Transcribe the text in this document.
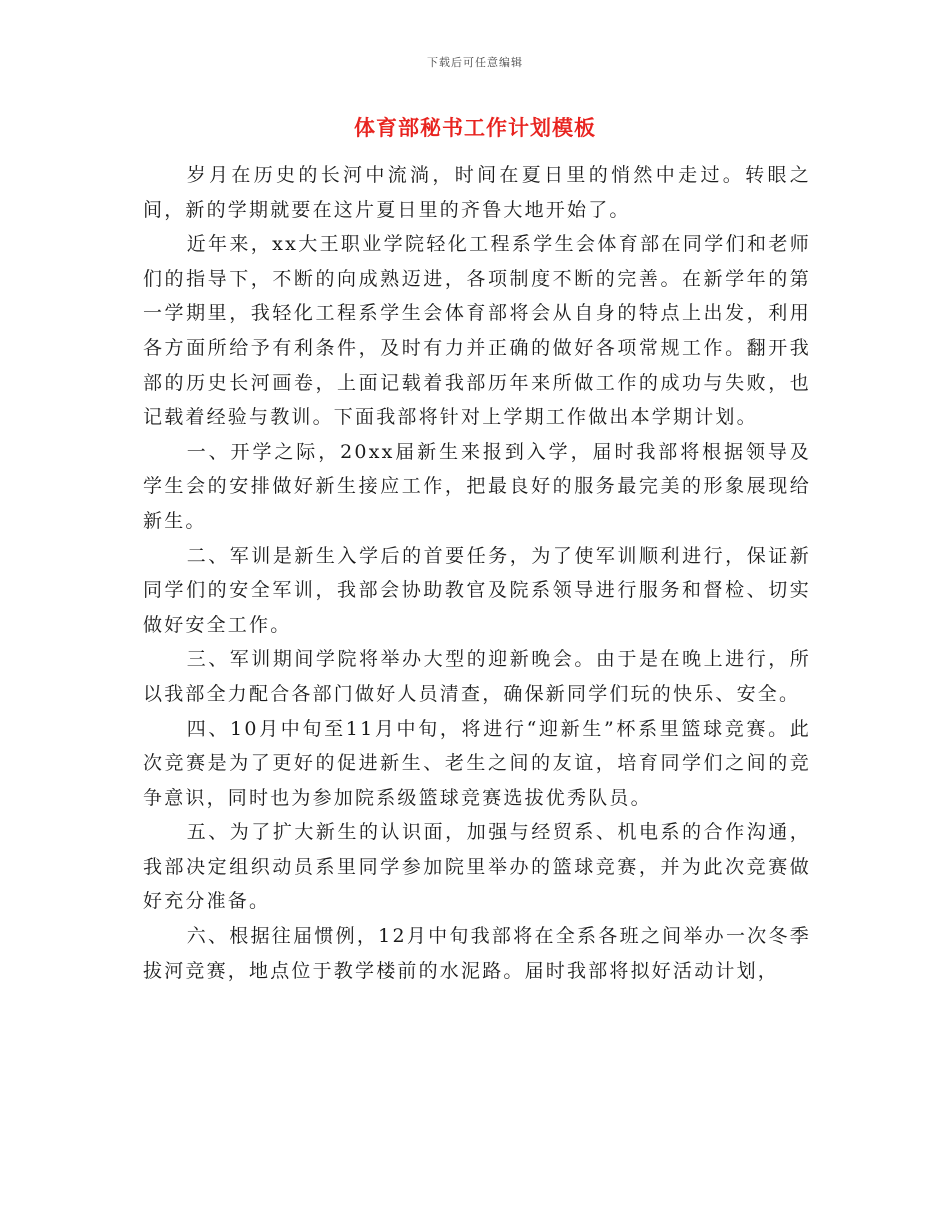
下载后可任意编辑
体育部秘书工作计划模板

岁月在历史的长河中流淌，时间在夏日里的悄然中走过。转眼之间，新的学期就要在这片夏日里的齐鲁大地开始了。

近年来，xx大王职业学院轻化工程系学生会体育部在同学们和老师们的指导下，不断的向成熟迈进，各项制度不断的完善。在新学年的第一学期里，我轻化工程系学生会体育部将会从自身的特点上出发，利用各方面所给予有利条件，及时有力并正确的做好各项常规工作。翻开我部的历史长河画卷，上面记载着我部历年来所做工作的成功与失败，也记载着经验与教训。下面我部将针对上学期工作做出本学期计划。

一、开学之际，20xx届新生来报到入学，届时我部将根据领导及学生会的安排做好新生接应工作，把最良好的服务最完美的形象展现给新生。

二、军训是新生入学后的首要任务，为了使军训顺利进行，保证新同学们的安全军训，我部会协助教官及院系领导进行服务和督检、切实做好安全工作。

三、军训期间学院将举办大型的迎新晚会。由于是在晚上进行，所以我部全力配合各部门做好人员清查，确保新同学们玩的快乐、安全。

四、10月中旬至11月中旬，将进行“迎新生”杯系里篮球竞赛。此次竞赛是为了更好的促进新生、老生之间的友谊，培育同学们之间的竞争意识，同时也为参加院系级篮球竞赛选拔优秀队员。

五、为了扩大新生的认识面，加强与经贸系、机电系的合作沟通，我部决定组织动员系里同学参加院里举办的篮球竞赛，并为此次竞赛做好充分准备。

六、根据往届惯例，12月中旬我部将在全系各班之间举办一次冬季拔河竞赛，地点位于教学楼前的水泥路。届时我部将拟好活动计划，
